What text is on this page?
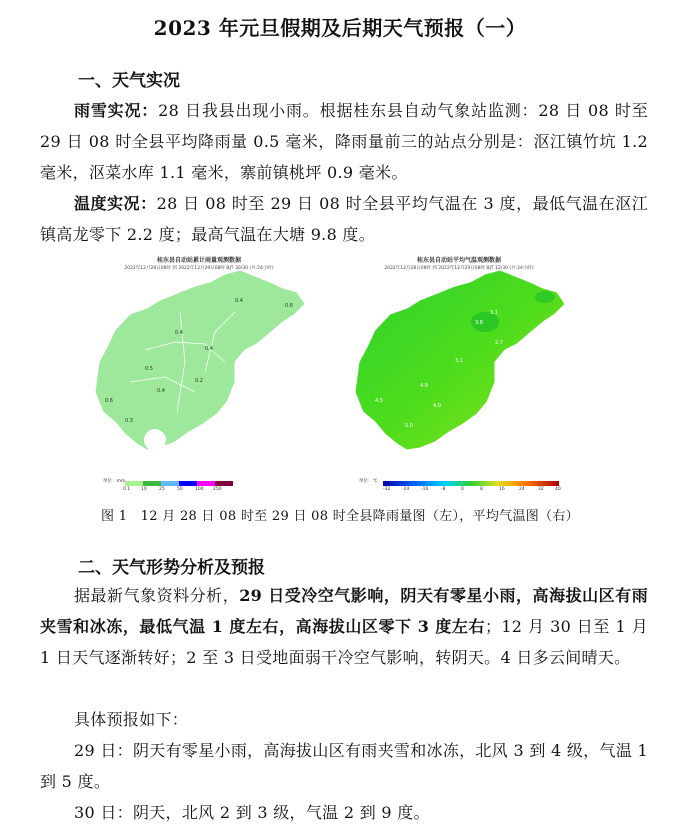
2023 年元旦假期及后期天气预报（一）
一、天气实况
雨雪实况：28 日我县出现小雨。根据桂东县自动气象站监测：28 日 08 时至 29 日 08 时全县平均降雨量 0.5 毫米，降雨量前三的站点分别是：沤江镇竹坑 1.2 毫米，沤菜水库 1.1 毫米，寨前镇桃坪 0.9 毫米。
温度实况：28 日 08 时至 29 日 08 时全县平均气温在 3 度，最低气温在沤江镇高龙零下 2.2 度；最高气温在大塘 9.8 度。
桂东县自动站累计雨量观测数据
2022年12月28日08时 到 2022年12月29日08时 BJT 30/30 (共:24小时)
0.4
0.4
0.6
0.4
0.5
0.6
0.2
0.4
0.3
单位：mm
0.1 10	25	50	100 250
桂东县自动站平均气温观测数据
2022年12月28日08时 到 2022年12月29日08时 BJT 12/30 (共:24小时)
3.8
3.1
4.6
4.9
4.0
4.5
3.1
2.7
5.0
单位：℃
-32	-24	-16	-8	0	8	16	24	32	40
图 1　12 月 28 日 08 时至 29 日 08 时全县降雨量图（左），平均气温图（右）
二、天气形势分析及预报
据最新气象资料分析，29 日受冷空气影响，阴天有零星小雨，高海拔山区有雨夹雪和冰冻，最低气温 1 度左右，高海拔山区零下 3 度左右；12 月 30 日至 1 月 1 日天气逐渐转好；2 至 3 日受地面弱干冷空气影响，转阴天。4 日多云间晴天。
具体预报如下：
29 日：阴天有零星小雨，高海拔山区有雨夹雪和冰冻，北风 3 到 4 级，气温 1 到 5 度。
30 日：阴天，北风 2 到 3 级，气温 2 到 9 度。
